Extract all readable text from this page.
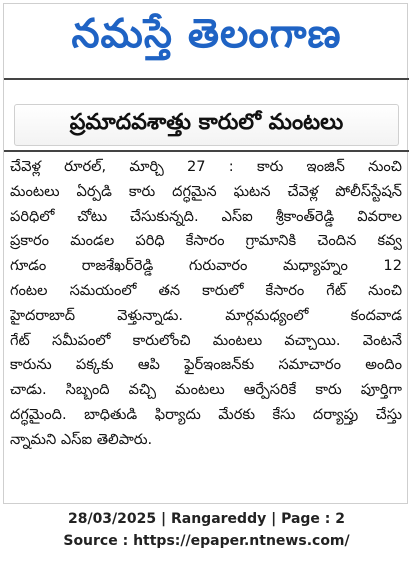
నమస్తే తెలంగాణ
ప్రమాదవశాత్తు కారులో మంటలు
చేవెళ్ల రూరల్, మార్చి 27 : కారు ఇంజిన్ నుంచి
మంటలు ఏర్పడి కారు దగ్ధమైన ఘటన చేవెళ్ల పోలీస్‌స్టేషన్
పరిధిలో చోటు చేసుకున్నది. ఎస్ఐ శ్రీకాంత్‌రెడ్డి వివరాల
ప్రకారం మండల పరిధి కేసారం గ్రామానికి చెందిన కవ్వ
గూడం రాజశేఖర్‌రెడ్డి గురువారం మధ్యాహ్నం 12
గంటల సమయంలో తన కారులో కేసారం గేట్ నుంచి
హైదరాబాద్ వెళ్తున్నాడు. మార్గమధ్యంలో కందవాడ
గేట్ సమీపంలో కారులోంచి మంటలు వచ్చాయి. వెంటనే
కారును పక్కకు ఆపి ఫైర్‌ఇంజన్‌కు సమాచారం అందిం
చాడు. సిబ్బంది వచ్చి మంటలు ఆర్పేసరికే కారు పూర్తిగా
దగ్ధమైంది. బాధితుడి ఫిర్యాదు మేరకు కేసు దర్యాప్తు చేస్తు
న్నామని ఎస్ఐ తెలిపారు.
28/03/2025 | Rangareddy | Page : 2
Source : https://epaper.ntnews.com/
